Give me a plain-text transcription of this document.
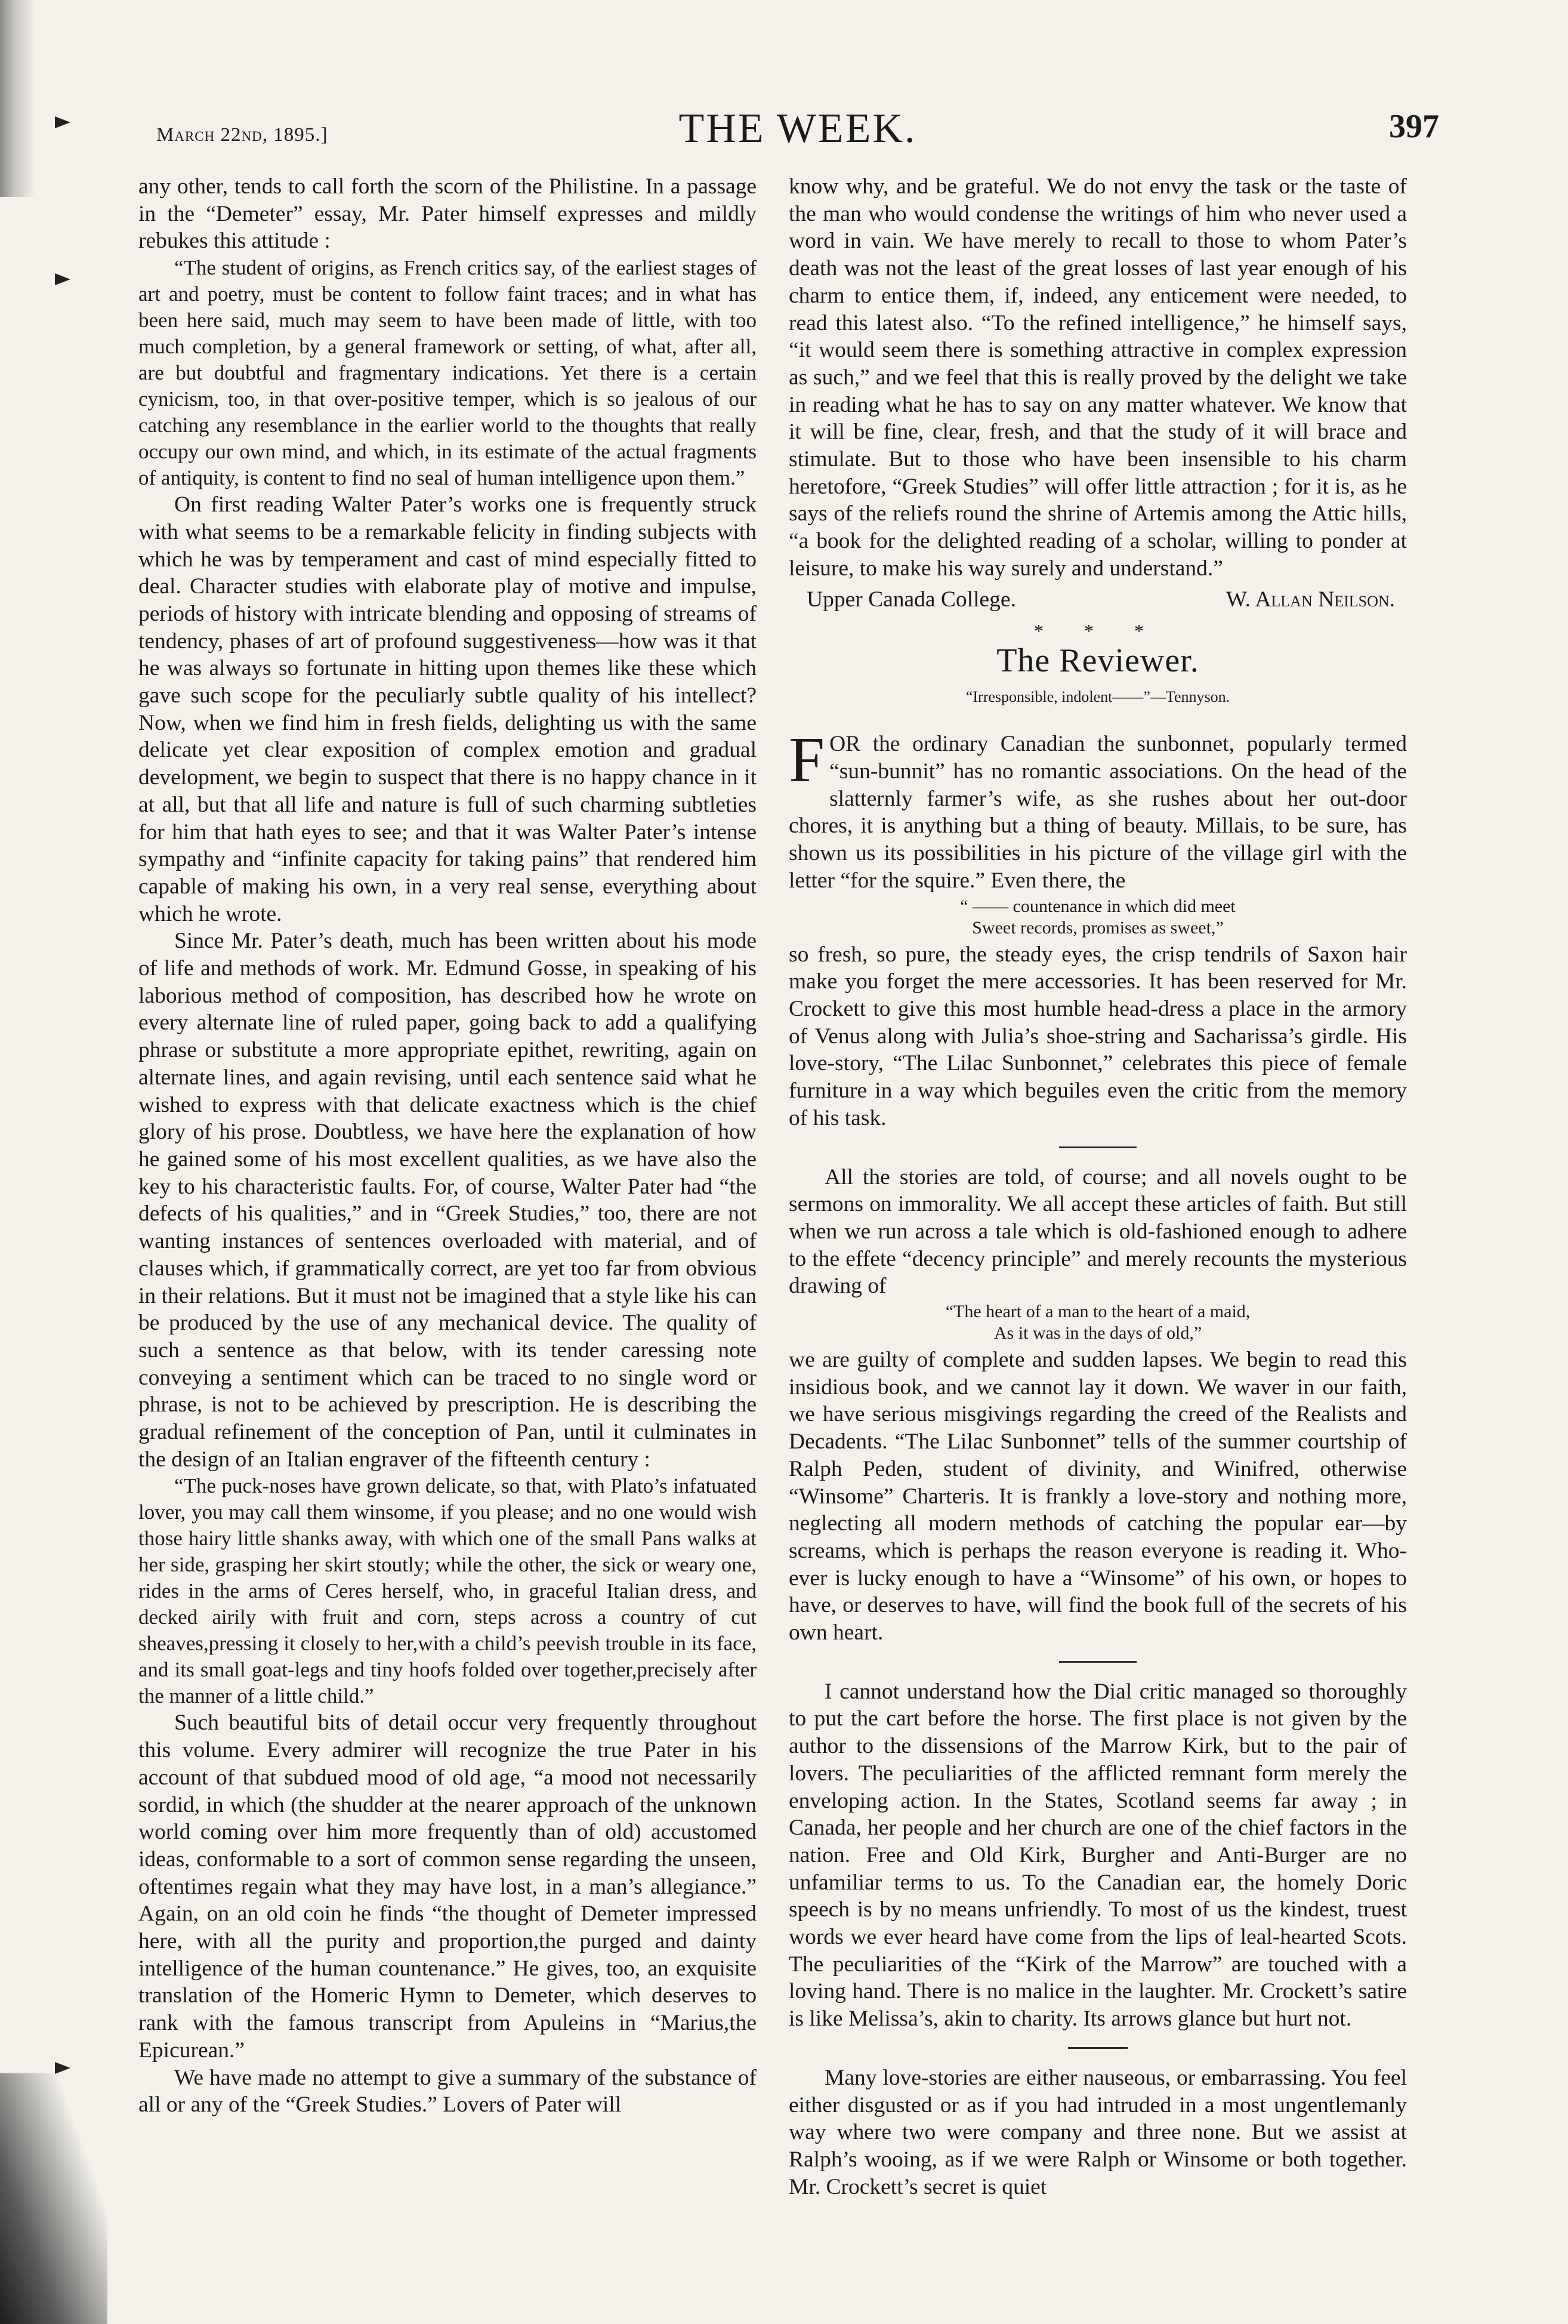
March 22nd, 1895.]	THE WEEK.	397

any other, tends to call forth the scorn of the Philistine. In a passage in the “Demeter” essay, Mr. Pater himself expresses and mildly rebukes this attitude :

“The student of origins, as French critics say, of the earliest stages of art and poetry, must be content to follow faint traces; and in what has been here said, much may seem to have been made of little, with too much completion, by a general framework or setting, of what, after all, are but doubtful and fragmentary indications. Yet there is a certain cynicism, too, in that over-positive temper, which is so jealous of our catching any resemblance in the earlier world to the thoughts that really occupy our own mind, and which, in its estimate of the actual fragments of antiquity, is content to find no seal of human intelligence upon them.”

On first reading Walter Pater’s works one is frequently struck with what seems to be a remarkable felicity in finding subjects with which he was by temperament and cast of mind especially fitted to deal. Character studies with elaborate play of motive and impulse, periods of history with intricate blending and opposing of streams of tendency, phases of art of profound suggestiveness—how was it that he was always so fortunate in hitting upon themes like these which gave such scope for the peculiarly subtle quality of his intellect? Now, when we find him in fresh fields, delighting us with the same delicate yet clear exposition of complex emotion and gradual development, we begin to suspect that there is no happy chance in it at all, but that all life and nature is full of such charming subtleties for him that hath eyes to see; and that it was Walter Pater’s intense sympathy and “infinite capacity for taking pains” that rendered him capable of making his own, in a very real sense, everything about which he wrote.

Since Mr. Pater’s death, much has been written about his mode of life and methods of work. Mr. Edmund Gosse, in speaking of his laborious method of composition, has described how he wrote on every alternate line of ruled paper, going back to add a qualifying phrase or substitute a more appropriate epithet, rewriting, again on alternate lines, and again revising, until each sentence said what he wished to express with that delicate exactness which is the chief glory of his prose. Doubtless, we have here the explanation of how he gained some of his most excellent qualities, as we have also the key to his characteristic faults. For, of course, Walter Pater had “the defects of his qualities,” and in “Greek Studies,” too, there are not wanting instances of sentences overloaded with material, and of clauses which, if grammatically correct, are yet too far from obvious in their relations. But it must not be imagined that a style like his can be produced by the use of any mechanical device. The quality of such a sentence as that below, with its tender caressing note conveying a sentiment which can be traced to no single word or phrase, is not to be achieved by prescription. He is describing the gradual refinement of the conception of Pan, until it culminates in the design of an Italian engraver of the fifteenth century :

“The puck-noses have grown delicate, so that, with Plato’s infatuated lover, you may call them winsome, if you please; and no one would wish those hairy little shanks away, with which one of the small Pans walks at her side, grasping her skirt stoutly; while the other, the sick or weary one, rides in the arms of Ceres herself, who, in graceful Italian dress, and decked airily with fruit and corn, steps across a country of cut sheaves,pressing it closely to her,with a child’s peevish trouble in its face, and its small goat-legs and tiny hoofs folded over together,precisely after the manner of a little child.”

Such beautiful bits of detail occur very frequently throughout this volume. Every admirer will recognize the true Pater in his account of that subdued mood of old age, “a mood not necessarily sordid, in which (the shudder at the nearer approach of the unknown world coming over him more frequently than of old) accustomed ideas, conformable to a sort of common sense regarding the unseen, oftentimes regain what they may have lost, in a man’s allegiance.” Again, on an old coin he finds “the thought of Demeter impressed here, with all the purity and proportion,the purged and dainty intelligence of the human countenance.” He gives, too, an exquisite translation of the Homeric Hymn to Demeter, which deserves to rank with the famous transcript from Apuleins in “Marius,the Epicurean.”

We have made no attempt to give a summary of the substance of all or any of the “Greek Studies.” Lovers of Pater will

know why, and be grateful. We do not envy the task or the taste of the man who would condense the writings of him who never used a word in vain. We have merely to recall to those to whom Pater’s death was not the least of the great losses of last year enough of his charm to entice them, if, indeed, any enticement were needed, to read this latest also. “To the refined intelligence,” he himself says, “it would seem there is something attractive in complex expression as such,” and we feel that this is really proved by the delight we take in reading what he has to say on any matter whatever. We know that it will be fine, clear, fresh, and that the study of it will brace and stimulate. But to those who have been insensible to his charm heretofore, “Greek Studies” will offer little attraction ; for it is, as he says of the reliefs round the shrine of Artemis among the Attic hills, “a book for the delighted reading of a scholar, willing to ponder at leisure, to make his way surely and understand.”

Upper Canada College.	W. Allan Neilson.
* * *
The Reviewer.
“Irresponsible, indolent——”—Tennyson.

FOR the ordinary Canadian the sunbonnet, popularly termed “sun-bunnit” has no romantic associations. On the head of the slatternly farmer’s wife, as she rushes about her out-door chores, it is anything but a thing of beauty. Millais, to be sure, has shown us its possibilities in his picture of the village girl with the letter “for the squire.” Even there, the

“ —— countenance in which did meet
Sweet records, promises as sweet,”

so fresh, so pure, the steady eyes, the crisp tendrils of Saxon hair make you forget the mere accessories. It has been reserved for Mr. Crockett to give this most humble head-dress a place in the armory of Venus along with Julia’s shoe-string and Sacharissa’s girdle. His love-story, “The Lilac Sunbonnet,” celebrates this piece of female furniture in a way which beguiles even the critic from the memory of his task.

All the stories are told, of course; and all novels ought to be sermons on immorality. We all accept these articles of faith. But still when we run across a tale which is old-fashioned enough to adhere to the effete “decency principle” and merely recounts the mysterious drawing of

“The heart of a man to the heart of a maid,
As it was in the days of old,”

we are guilty of complete and sudden lapses. We begin to read this insidious book, and we cannot lay it down. We waver in our faith, we have serious misgivings regarding the creed of the Realists and Decadents. “The Lilac Sunbonnet” tells of the summer courtship of Ralph Peden, student of divinity, and Winifred, otherwise “Winsome” Charteris. It is frankly a love-story and nothing more, neglecting all modern methods of catching the popular ear—by screams, which is perhaps the reason everyone is reading it. Who-ever is lucky enough to have a “Winsome” of his own, or hopes to have, or deserves to have, will find the book full of the secrets of his own heart.

I cannot understand how the Dial critic managed so thoroughly to put the cart before the horse. The first place is not given by the author to the dissensions of the Marrow Kirk, but to the pair of lovers. The peculiarities of the afflicted remnant form merely the enveloping action. In the States, Scotland seems far away ; in Canada, her people and her church are one of the chief factors in the nation. Free and Old Kirk, Burgher and Anti-Burger are no unfamiliar terms to us. To the Canadian ear, the homely Doric speech is by no means unfriendly. To most of us the kindest, truest words we ever heard have come from the lips of leal-hearted Scots. The peculiarities of the “Kirk of the Marrow” are touched with a loving hand. There is no malice in the laughter. Mr. Crockett’s satire is like Melissa’s, akin to charity. Its arrows glance but hurt not.

Many love-stories are either nauseous, or embarrassing. You feel either disgusted or as if you had intruded in a most ungentlemanly way where two were company and three none. But we assist at Ralph’s wooing, as if we were Ralph or Winsome or both together. Mr. Crockett’s secret is quiet
